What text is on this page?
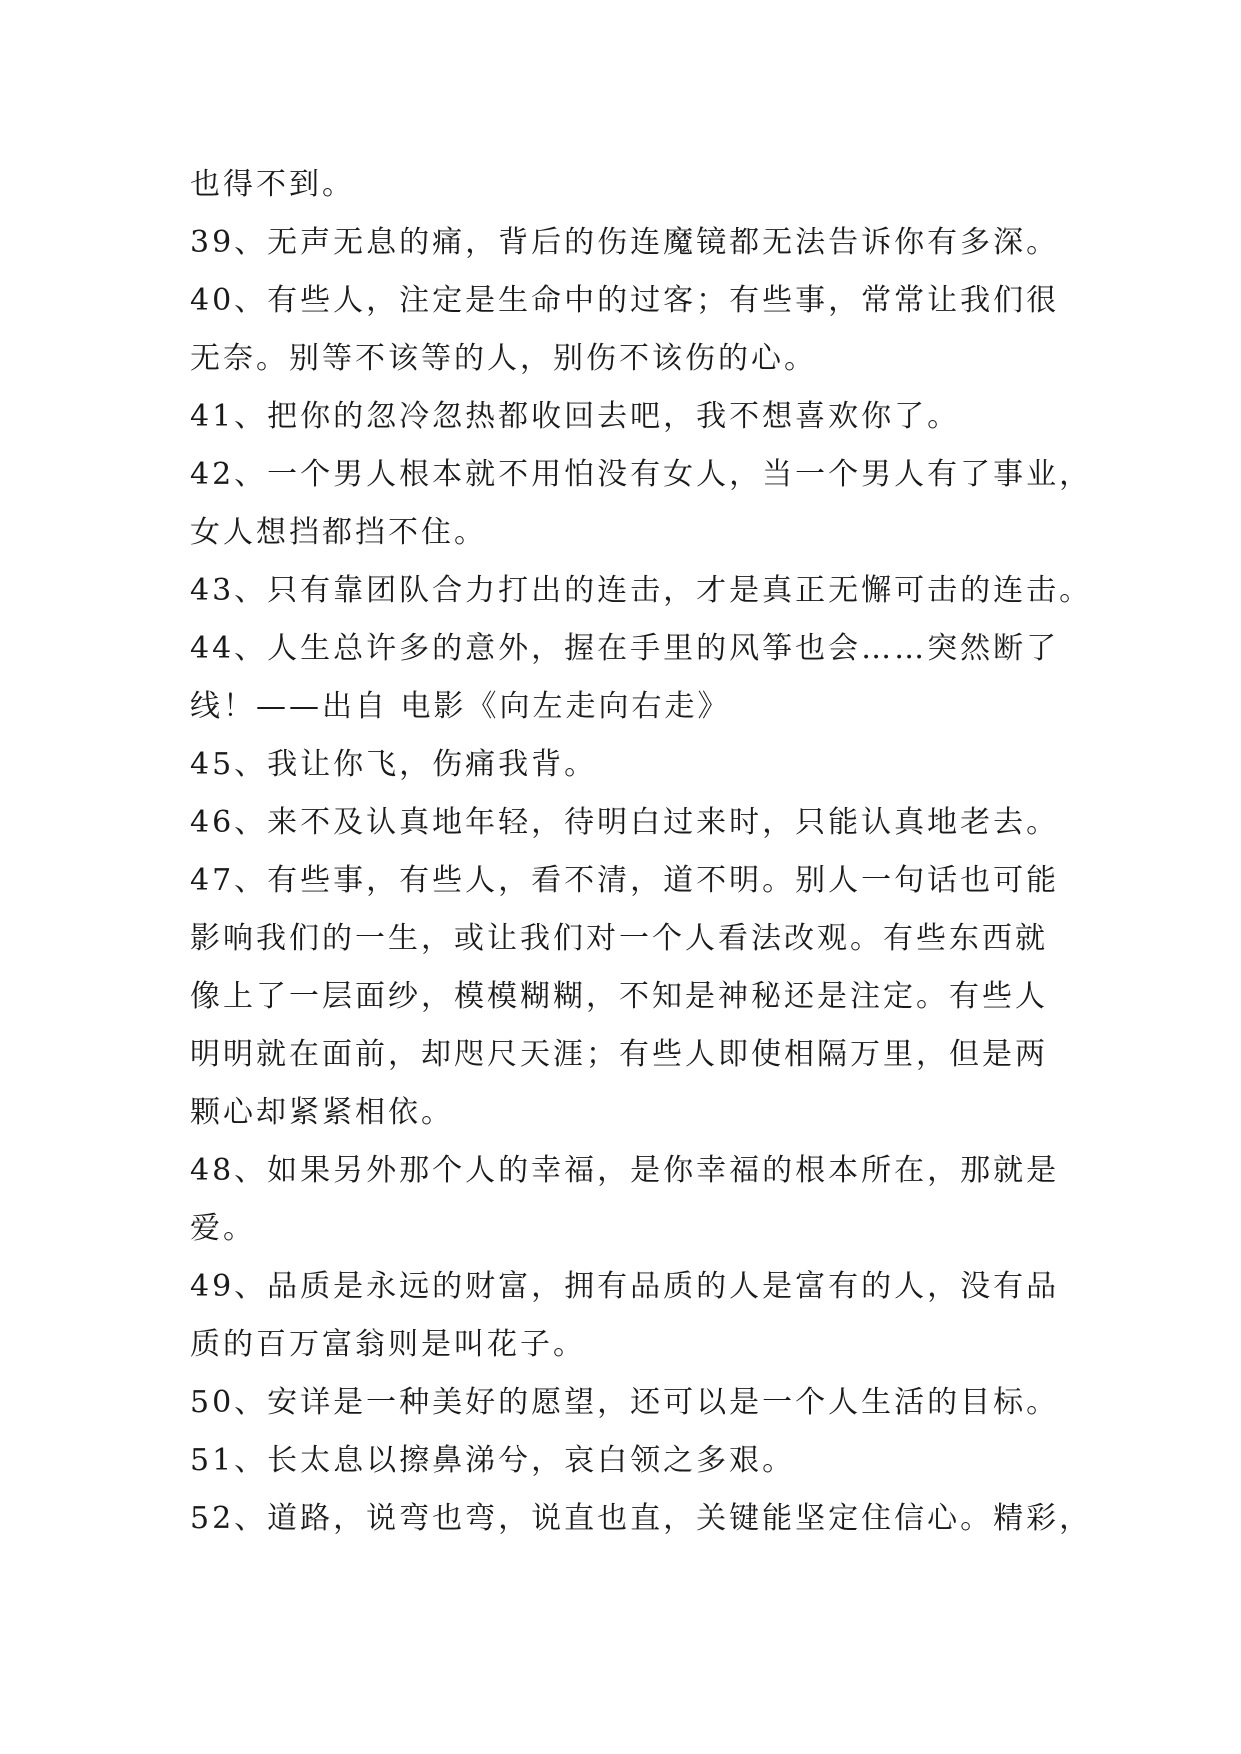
也得不到。
39、无声无息的痛，背后的伤连魔镜都无法告诉你有多深。
40、有些人，注定是生命中的过客；有些事，常常让我们很
无奈。别等不该等的人，别伤不该伤的心。
41、把你的忽冷忽热都收回去吧，我不想喜欢你了。
42、一个男人根本就不用怕没有女人，当一个男人有了事业，
女人想挡都挡不住。
43、只有靠团队合力打出的连击，才是真正无懈可击的连击。
44、人生总许多的意外，握在手里的风筝也会……突然断了
线！——出自 电影《向左走向右走》
45、我让你飞，伤痛我背。
46、来不及认真地年轻，待明白过来时，只能认真地老去。
47、有些事，有些人，看不清，道不明。别人一句话也可能
影响我们的一生，或让我们对一个人看法改观。有些东西就
像上了一层面纱，模模糊糊，不知是神秘还是注定。有些人
明明就在面前，却咫尺天涯；有些人即使相隔万里，但是两
颗心却紧紧相依。
48、如果另外那个人的幸福，是你幸福的根本所在，那就是
爱。
49、品质是永远的财富，拥有品质的人是富有的人，没有品
质的百万富翁则是叫花子。
50、安详是一种美好的愿望，还可以是一个人生活的目标。
51、长太息以擦鼻涕兮，哀白领之多艰。
52、道路，说弯也弯，说直也直，关键能坚定住信心。精彩，
